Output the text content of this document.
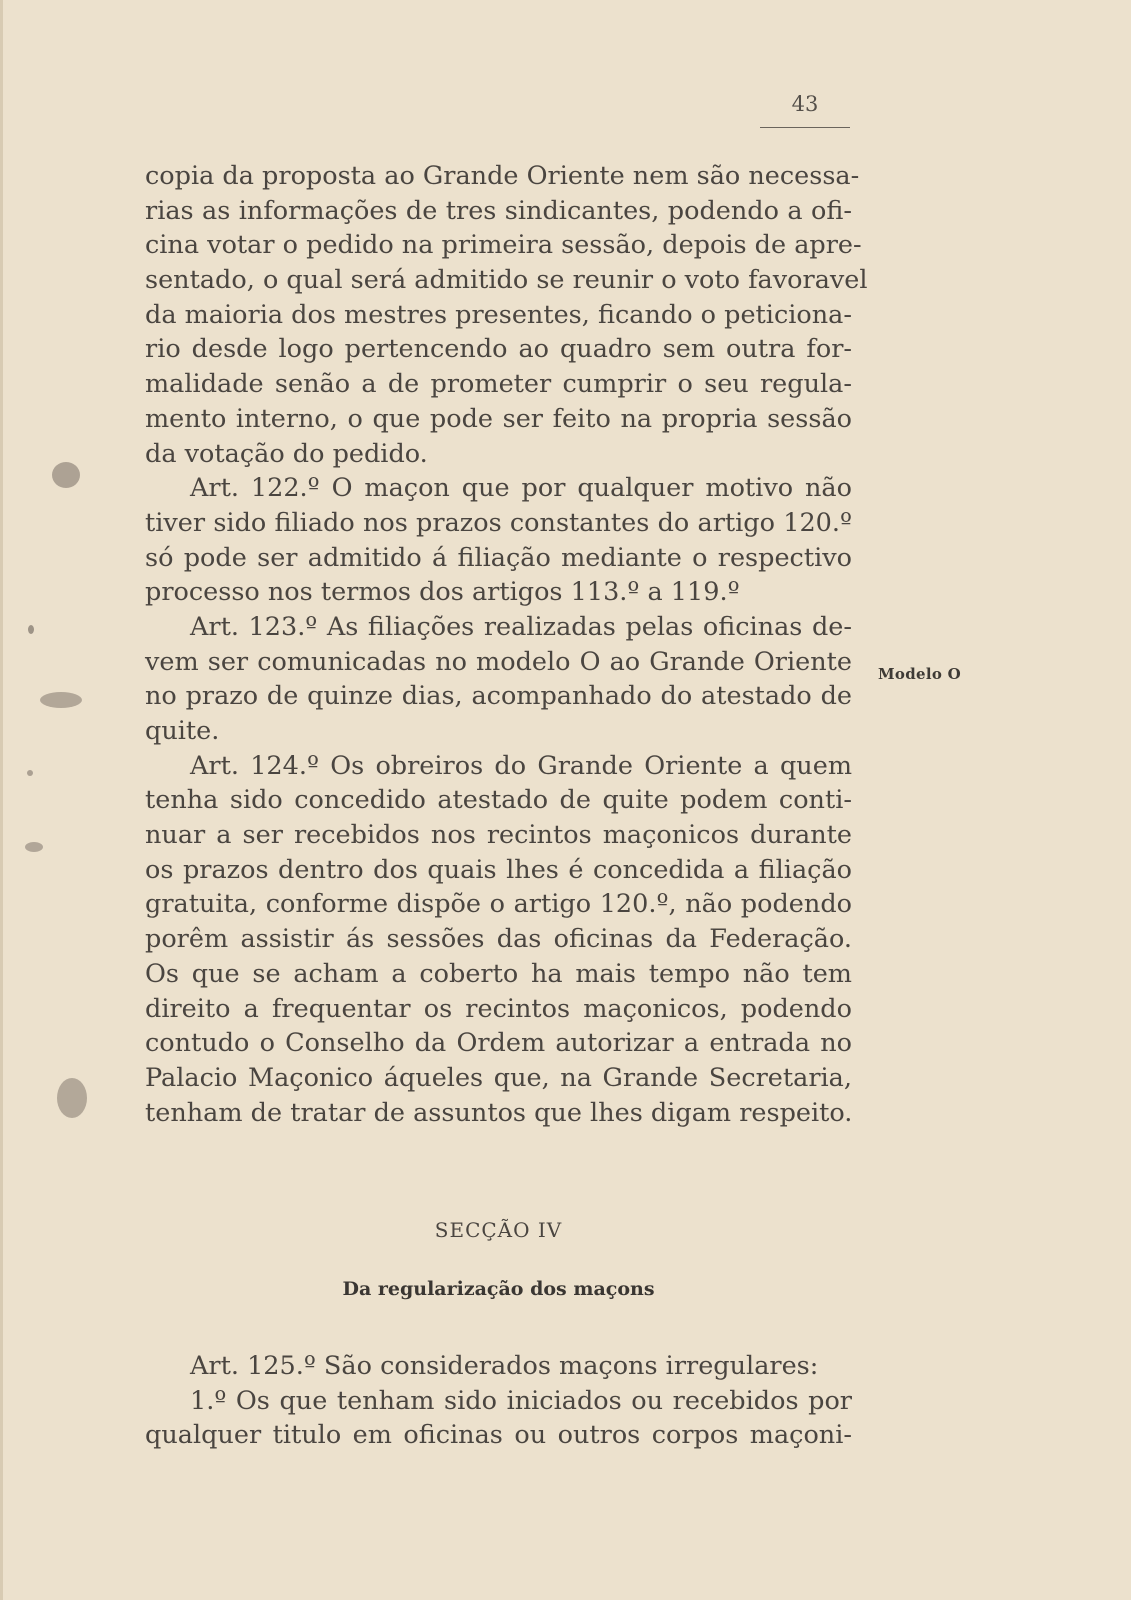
43
copia da proposta ao Grande Oriente nem são necessa-
rias as informações de tres sindicantes, podendo a ofi-
cina votar o pedido na primeira sessão, depois de apre-
sentado, o qual será admitido se reunir o voto favoravel
da maioria dos mestres presentes, ficando o peticiona-
rio desde logo pertencendo ao quadro sem outra for-
malidade senão a de prometer cumprir o seu regula-
mento interno, o que pode ser feito na propria sessão
da votação do pedido.
Art. 122.º O maçon que por qualquer motivo não
tiver sido filiado nos prazos constantes do artigo 120.º
só pode ser admitido á filiação mediante o respectivo
processo nos termos dos artigos 113.º a 119.º
Art. 123.º As filiações realizadas pelas oficinas de-
vem ser comunicadas no modelo O ao Grande Oriente
no prazo de quinze dias, acompanhado do atestado de
quite.
Art. 124.º Os obreiros do Grande Oriente a quem
tenha sido concedido atestado de quite podem conti-
nuar a ser recebidos nos recintos maçonicos durante
os prazos dentro dos quais lhes é concedida a filiação
gratuita, conforme dispõe o artigo 120.º, não podendo
porêm assistir ás sessões das oficinas da Federação.
Os que se acham a coberto ha mais tempo não tem
direito a frequentar os recintos maçonicos, podendo
contudo o Conselho da Ordem autorizar a entrada no
Palacio Maçonico áqueles que, na Grande Secretaria,
tenham de tratar de assuntos que lhes digam respeito.
Modelo O
SECÇÃO IV
Da regularização dos maçons
Art. 125.º São considerados maçons irregulares:
1.º Os que tenham sido iniciados ou recebidos por
qualquer titulo em oficinas ou outros corpos maçoni-
